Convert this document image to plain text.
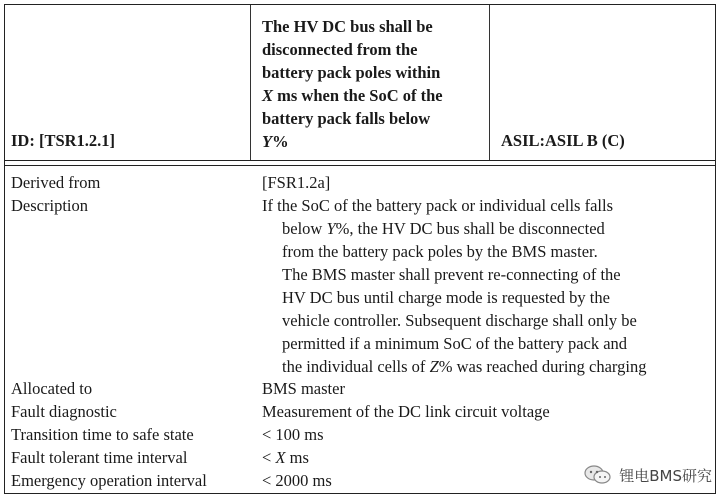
ID: [TSR1.2.1]
The HV DC bus shall be
disconnected from the
battery pack poles within
X ms when the SoC of the
battery pack falls below
Y%	ASIL:ASIL B (C)
Derived from
Description
Allocated to
Fault diagnostic
Transition time to safe state
Fault tolerant time interval
Emergency operation interval
[FSR1.2a]
If the SoC of the battery pack or individual cells falls
below Y%, the HV DC bus shall be disconnected
from the battery pack poles by the BMS master.
The BMS master shall prevent re-connecting of the
HV DC bus until charge mode is requested by the
vehicle controller. Subsequent discharge shall only be
permitted if a minimum SoC of the battery pack and
the individual cells of Z% was reached during charging
BMS master
Measurement of the DC link circuit voltage
< 100 ms
< X ms
< 2000 ms	锂电BMS研究
